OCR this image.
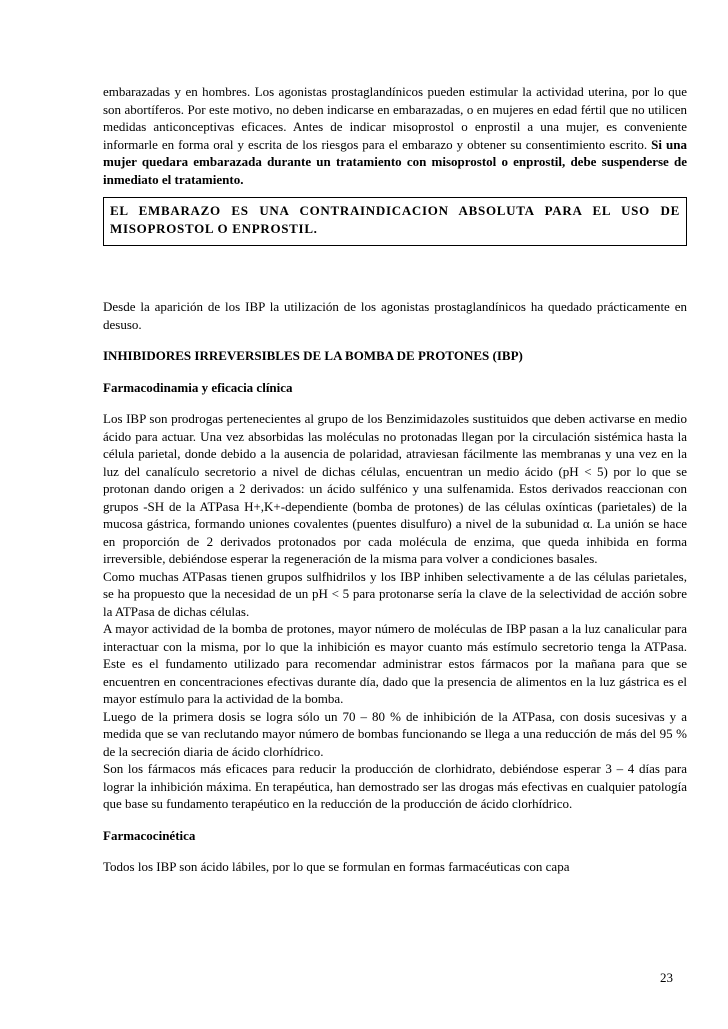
embarazadas y en hombres. Los agonistas prostaglandínicos pueden estimular la actividad uterina, por lo que son abortíferos. Por este motivo, no deben indicarse en embarazadas, o en mujeres en edad fértil que no utilicen medidas anticonceptivas eficaces. Antes de indicar misoprostol o enprostil a una mujer, es conveniente informarle en forma oral y escrita de los riesgos para el embarazo y obtener su consentimiento escrito. Si una mujer quedara embarazada durante un tratamiento con misoprostol o enprostil, debe suspenderse de inmediato el tratamiento.

EL EMBARAZO ES UNA CONTRAINDICACION ABSOLUTA PARA EL USO DE MISOPROSTOL O ENPROSTIL.

Desde la aparición de los IBP la utilización de los agonistas prostaglandínicos ha quedado prácticamente en desuso.

INHIBIDORES IRREVERSIBLES DE LA BOMBA DE PROTONES (IBP)
Farmacodinamia y eficacia clínica

Los IBP son prodrogas pertenecientes al grupo de los Benzimidazoles sustituidos que deben activarse en medio ácido para actuar. Una vez absorbidas las moléculas no protonadas llegan por la circulación sistémica hasta la célula parietal, donde debido a la ausencia de polaridad, atraviesan fácilmente las membranas y una vez en la luz del canalículo secretorio a nivel de dichas células, encuentran un medio ácido (pH < 5) por lo que se protonan dando origen a 2 derivados: un ácido sulfénico y una sulfenamida. Estos derivados reaccionan con grupos -SH de la ATPasa H+,K+-dependiente (bomba de protones) de las células oxínticas (parietales) de la mucosa gástrica, formando uniones covalentes (puentes disulfuro) a nivel de la subunidad α. La unión se hace en proporción de 2 derivados protonados por cada molécula de enzima, que queda inhibida en forma irreversible, debiéndose esperar la regeneración de la misma para volver a condiciones basales.

Como muchas ATPasas tienen grupos sulfhidrilos y los IBP inhiben selectivamente a de las células parietales, se ha propuesto que la necesidad de un pH < 5 para protonarse sería la clave de la selectividad de acción sobre la ATPasa de dichas células.

A mayor actividad de la bomba de protones, mayor número de moléculas de IBP pasan a la luz canalicular para interactuar con la misma, por lo que la inhibición es mayor cuanto más estímulo secretorio tenga la ATPasa. Este es el fundamento utilizado para recomendar administrar estos fármacos por la mañana para que se encuentren en concentraciones efectivas durante día, dado que la presencia de alimentos en la luz gástrica es el mayor estímulo para la actividad de la bomba.

Luego de la primera dosis se logra sólo un 70 – 80 % de inhibición de la ATPasa, con dosis sucesivas y a medida que se van reclutando mayor número de bombas funcionando se llega a una reducción de más del 95 % de la secreción diaria de ácido clorhídrico.

Son los fármacos más eficaces para reducir la producción de clorhidrato, debiéndose esperar 3 – 4 días para lograr la inhibición máxima. En terapéutica, han demostrado ser las drogas más efectivas en cualquier patología que base su fundamento terapéutico en la reducción de la producción de ácido clorhídrico.

Farmacocinética

Todos los IBP son ácido lábiles, por lo que se formulan en formas farmacéuticas con capa

23
